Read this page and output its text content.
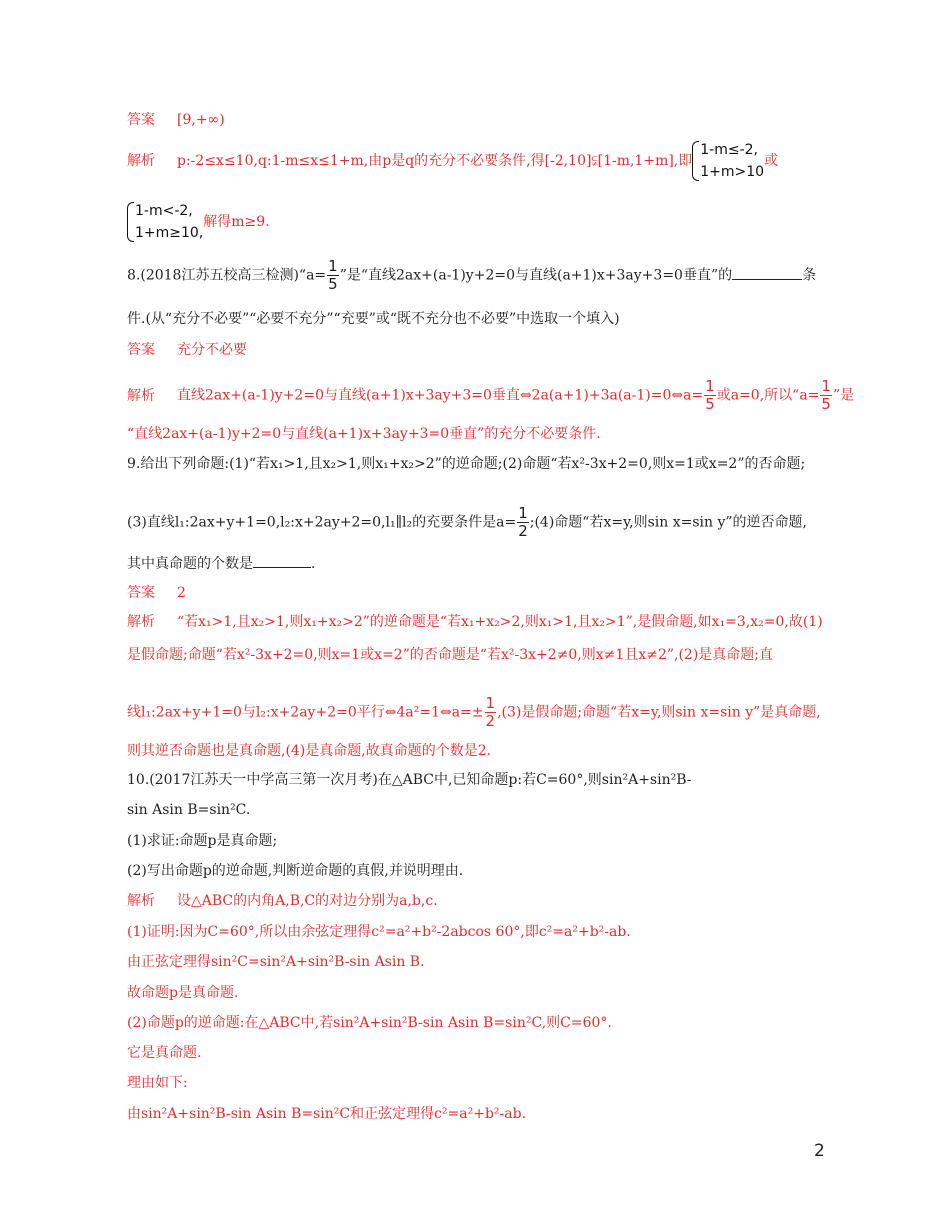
答案 [9,+∞)
解析 p:-2≤x≤10,q:1-m≤x≤1+m,由p是q的充分不必要条件,得[-2,10]⫋[1-m,1+m],即
1-m≤-2,
1+m>10
或
1-m<-2,
1+m≥10,
解得m≥9.
8.(2018江苏五校高三检测)“a= $\frac{1}{5}$ ”是“直线2ax+(a-1)y+2=0与直线(a+1)x+3ay+3=0垂直”的	条
件.(从“充分不必要”“必要不充分”“充要”或“既不充分也不必要”中选取一个填入)
答案 充分不必要
解析 直线2ax+(a-1)y+2=0与直线(a+1)x+3ay+3=0垂直⇔2a(a+1)+3a(a-1)=0⇔a= $\frac{1}{5}$ 或a=0,所以“$a= \frac{1}{5}$ ”是
“直线2ax+(a-1)y+2=0与直线(a+1)x+3ay+3=0垂直”的充分不必要条件.
9.给出下列命题:(1)“若x₁>1,且x₂>1,则x₁+x₂>2”的逆命题;(2)命题“若x²-3x+2=0,则x=1或x=2”的否命题;
(3)直线l₁:2ax+y+1=0,l₂:x+2ay+2=0,l₁∥l₂的充要条件是$a= \frac{1}{2}$ ;(4)命题“若x=y,则sin x=sin y”的逆否命题,
其中真命题的个数是	.
答案 2
解析 “若x₁>1,且x₂>1,则x₁+x₂>2”的逆命题是“若x₁+x₂>2,则x₁>1,且x₂>1”,是假命题,如x₁=3,x₂=0,故(1)
是假命题;命题“若x²-3x+2=0,则x=1或x=2”的否命题是“若x²-3x+2≠0,则x≠1且x≠2”,(2)是真命题;直
线l₁:2ax+y+1=0与l₂:x+2ay+2=0平行⇔4a²=1⇔a=± $\frac{1}{2} ,(3)$是假命题;命题“若x=y,则sin x=sin y”是真命题,
则其逆否命题也是真命题,(4)是真命题,故真命题的个数是2.
10.(2017江苏天一中学高三第一次月考)在△ABC中,已知命题p:若C=60°,则sin²A+sin²B-
sin Asin B=sin²C.
(1)求证:命题p是真命题;
(2)写出命题p的逆命题,判断逆命题的真假,并说明理由.
解析 设△ABC的内角A,B,C的对边分别为a,b,c.
(1)证明:因为C=60°,所以由余弦定理得c²=a²+b²-2abcos 60°,即c²=a²+b²-ab.
由正弦定理得sin²C=sin²A+sin²B-sin Asin B.
故命题p是真命题.
(2)命题p的逆命题:在△ABC中,若sin²A+sin²B-sin Asin B=sin²C,则C=60°.
它是真命题.
理由如下:
由sin²A+sin²B-sin Asin B=sin²C和正弦定理得c²=a²+b²-ab.
2
